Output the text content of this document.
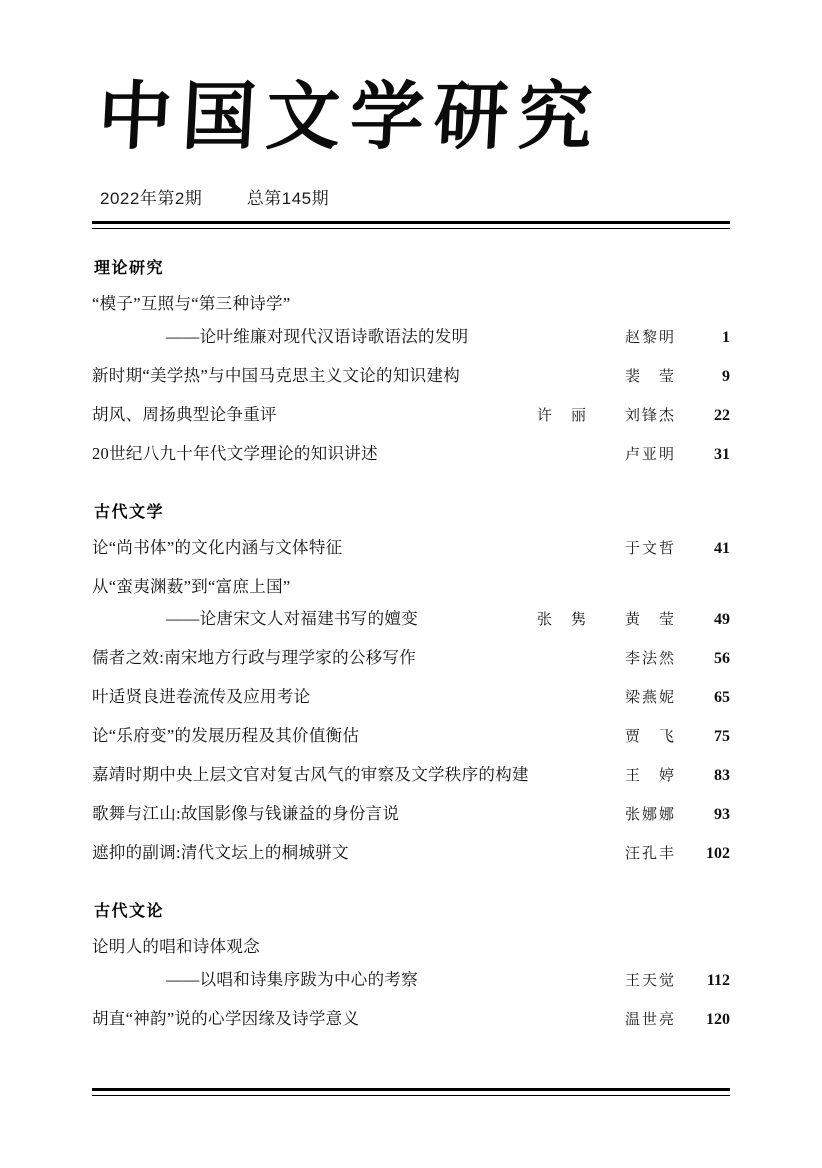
中国文学研究
2022年第2期	总第145期
理论研究
“模子”互照与“第三种诗学”
——论叶维廉对现代汉语诗歌语法的发明	赵黎明	1
新时期“美学热”与中国马克思主义文论的知识建构	裴　莹	9
胡风、周扬典型论争重评	许　丽	刘锋杰	22
20世纪八九十年代文学理论的知识讲述	卢亚明	31
古代文学
论“尚书体”的文化内涵与文体特征	于文哲	41
从“蛮夷渊薮”到“富庶上国”
——论唐宋文人对福建书写的嬗变	张　隽	黄　莹	49
儒者之效:南宋地方行政与理学家的公移写作	李法然	56
叶适贤良进卷流传及应用考论	梁燕妮	65
论“乐府变”的发展历程及其价值衡估	贾　飞	75
嘉靖时期中央上层文官对复古风气的审察及文学秩序的构建	王　婷	83
歌舞与江山:故国影像与钱谦益的身份言说	张娜娜	93
遮抑的副调:清代文坛上的桐城骈文	汪孔丰	102
古代文论
论明人的唱和诗体观念
——以唱和诗集序跋为中心的考察	王天觉	112
胡直“神韵”说的心学因缘及诗学意义	温世亮	120
